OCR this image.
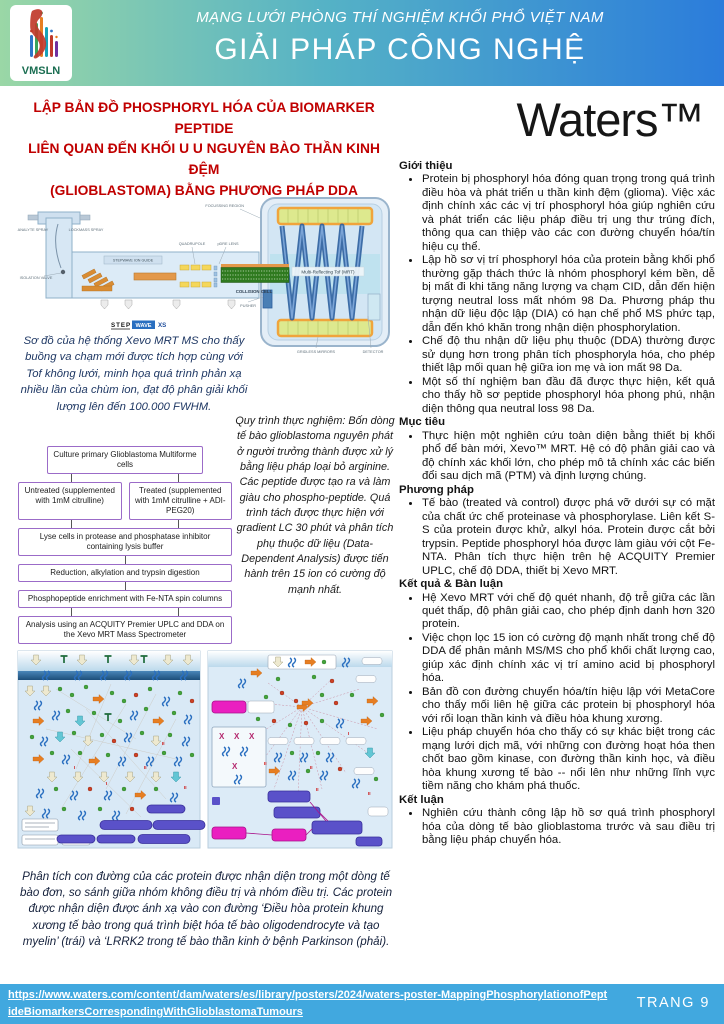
VMSLN
MẠNG LƯỚI PHÒNG THÍ NGHIỆM KHỐI PHỔ VIỆT NAM
GIẢI PHÁP CÔNG NGHỆ
LẬP BẢN ĐỒ PHOSPHORYL HÓA CỦA BIOMARKER PEPTIDE
LIÊN QUAN ĐẾN KHỐI U U NGUYÊN BÀO THẦN KINH ĐỆM
(GLIOBLASTOMA) BẰNG PHƯƠNG PHÁP DDA
Waters™
Multi-Reflecting Tof (MRT)
STEPWAVE ION GUIDE
COLLISION CELL
ANALYTE SPRAY	LOCKMASS SPRAY
ISOLATION VALVE
QUADRUPOLE	pDRE LENS
FOCUSSING REGION
PUSHER
GRIDLESS MIRRORS	DETECTOR
STEP WAVE XS
Sơ đồ của hệ thống Xevo MRT MS cho thấy buồng va chạm mới được tích hợp cùng với Tof không lưới, minh họa quá trình phản xạ nhiều lần của chùm ion, đạt độ phân giải khối lượng lên đến 100.000 FWHM.
Quy trình thực nghiệm: Bốn dòng tế bào glioblastoma nguyên phát ở người trưởng thành được xử lý bằng liệu pháp loại bỏ arginine. Các peptide được tạo ra và làm giàu cho phospho-peptide. Quá trình tách được thực hiện với gradient LC 30 phút và phân tích phụ thuộc dữ liệu (Data-Dependent Analysis) được tiến hành trên 15 ion có cường độ mạnh nhất.
Culture primary Glioblastoma Multiforme cells
Untreated (supplemented with 1mM citrulline)
Treated (supplemented with 1mM citrulline + ADI-PEG20)
Lyse cells in protease and phosphatase inhibitor containing lysis buffer
Reduction, alkylation and trypsin digestion
Phosphopeptide enrichment with Fe-NTA spin columns
Analysis using an ACQUITY Premier UPLC and DDA on the Xevo MRT Mass Spectrometer
II
I
II
I
II
X X X
X	II
I
II
II
II
Phân tích con đường của các protein được nhận diện trong một dòng tế bào đơn, so sánh giữa nhóm không điều trị và nhóm điều trị. Các protein được nhận diện được ánh xạ vào con đường ‘Điều hòa protein khung xương tế bào trong quá trình biệt hóa tế bào oligodendrocyte và tạo myelin’ (trái) và ‘LRRK2 trong tế bào thần kinh ở bệnh Parkinson (phải).
Giới thiệu
• Protein bị phosphoryl hóa đóng quan trọng trong quá trình điều hòa và phát triển u thần kinh đệm (glioma). Việc xác định chính xác các vị trí phosphoryl hóa giúp nghiên cứu và phát triển các liệu pháp điều trị ung thư trúng đích, thông qua can thiệp vào các con đường chuyển hóa/tín hiệu cụ thể.
• Lập hồ sơ vị trí phosphoryl hóa của protein bằng khối phổ thường gặp thách thức là nhóm phosphoryl kém bền, dễ bị mất đi khi tăng năng lượng va chạm CID, dẫn đến hiện tượng neutral loss mất nhóm 98 Da. Phương pháp thu nhận dữ liệu độc lập (DIA) có hạn chế phổ MS phức tạp, dẫn đến khó khăn trong nhận diện phosphorylation.
• Chế độ thu nhận dữ liệu phụ thuộc (DDA) thường được sử dụng hơn trong phân tích phosphoryla hóa, cho phép thiết lập mối quan hệ giữa ion mẹ và ion mất 98 Da.
• Một số thí nghiệm ban đầu đã được thực hiện, kết quả cho thấy hồ sơ peptide phosphoryl hóa phong phú, nhận diện thông qua neutral loss 98 Da.
Mục tiêu
• Thực hiện một nghiên cứu toàn diện bằng thiết bị khối phổ để bàn mới, Xevo™ MRT. Hệ có độ phân giải cao và độ chính xác khối lớn, cho phép mô tả chính xác các biến đổi sau dịch mã (PTM) và định lượng chúng.
Phương pháp
• Tế bào (treated và control) được phá vỡ dưới sự có mặt của chất ức chế proteinase và phosphorylase. Liên kết S-S của protein được khử, alkyl hóa. Protein được cắt bởi trypsin. Peptide phosphoryl hóa được làm giàu với cột Fe-NTA. Phân tích thực hiện trên hệ ACQUITY Premier UPLC, chế độ DDA, thiết bị Xevo MRT.
Kết quả & Bàn luận
• Hệ Xevo MRT với chế độ quét nhanh, độ trễ giữa các lần quét thấp, độ phân giải cao, cho phép định danh hơn 320 protein.
• Việc chọn lọc 15 ion có cường độ mạnh nhất trong chế độ DDA để phân mảnh MS/MS cho phổ khối chất lượng cao, giúp xác định chính xác vị trí amino acid bị phosphoryl hóa.
• Bản đồ con đường chuyển hóa/tín hiệu lập với MetaCore cho thấy mối liên hệ giữa các protein bị phosphoryl hóa với rối loạn thần kinh và điều hòa khung xương.
• Liệu pháp chuyển hóa cho thấy có sự khác biệt trong các mạng lưới dịch mã, với những con đường hoạt hóa then chốt bao gồm kinase, con đường thần kinh học, và điều hòa khung xương tế bào -- nổi lên như những lĩnh vực tiềm năng cho khám phá thuốc.
Kết luận
• Nghiên cứu thành công lập hồ sơ quá trình phosphoryl hóa của dòng tế bào glioblastoma trước và sau điều trị bằng liệu pháp chuyển hóa.
https://www.waters.com/content/dam/waters/es/library/posters/2024/waters-poster-MappingPhosphorylationofPeptideBiomarkersCorrespondingWithGlioblastomaTumours
TRANG 9
